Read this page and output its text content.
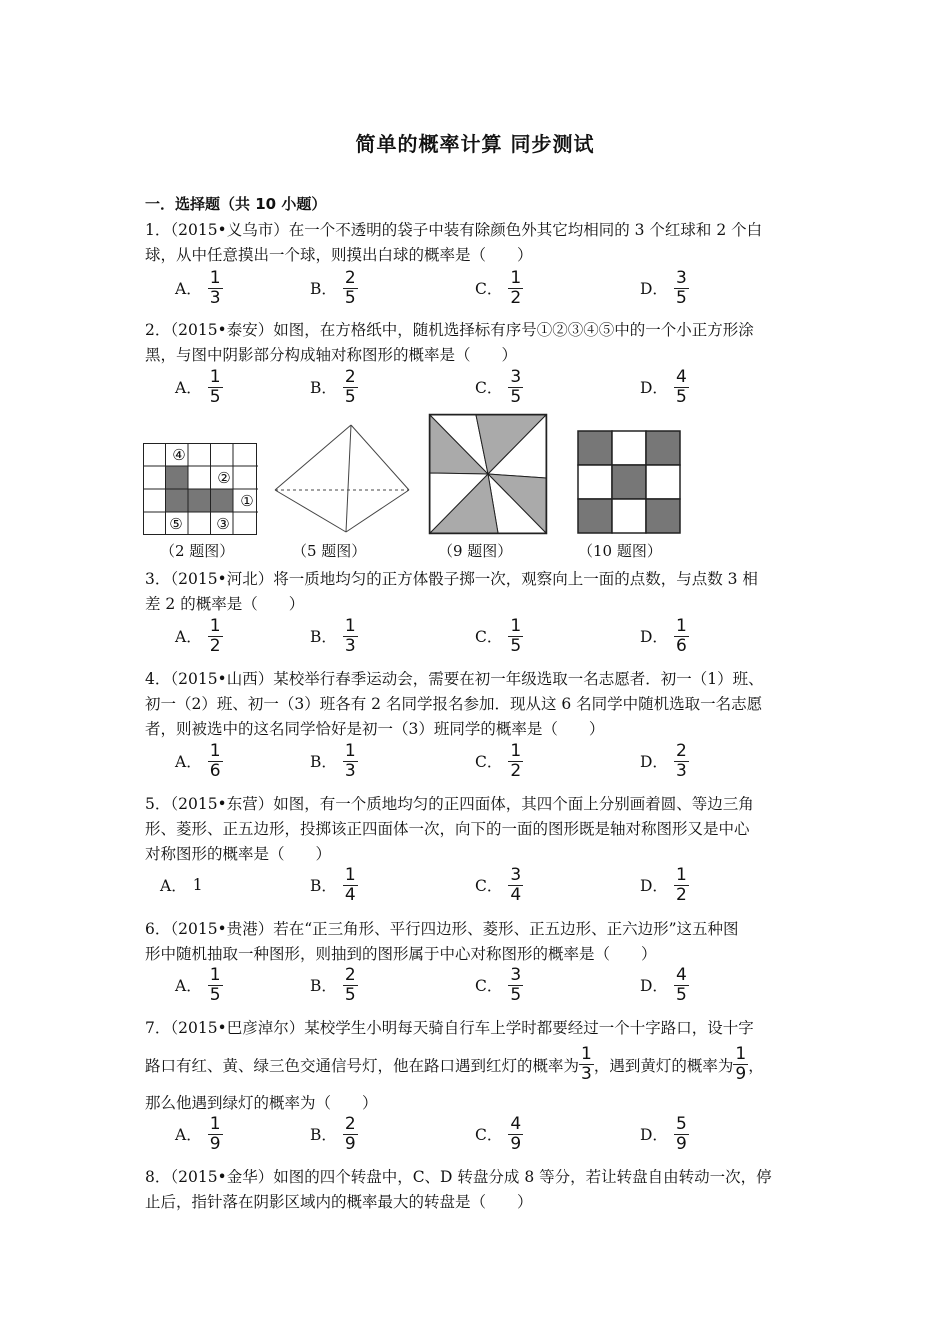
简单的概率计算 同步测试
一．选择题（共 10 小题）
1．（2015•义乌市）在一个不透明的袋子中装有除颜色外其它均相同的 3 个红球和 2 个白
球，从中任意摸出一个球，则摸出白球的概率是（　　）
A． $\frac{1}{3}$	B． $\frac{2}{5}$	C． $\frac{1}{2}$	D． $\frac{3}{5}$
2．（2015•泰安）如图，在方格纸中，随机选择标有序号①②③④⑤中的一个小正方形涂
黑，与图中阴影部分构成轴对称图形的概率是（　　）
A． $\frac{1}{5}$	B． $\frac{2}{5}$	C． $\frac{3}{5}$	D． $\frac{4}{5}$
④
②
①
⑤ ③
（2 题图）	（5 题图）	（9 题图）	（10 题图）
3．（2015•河北）将一质地均匀的正方体骰子掷一次，观察向上一面的点数，与点数 3 相
差 2 的概率是（　　）
A． $\frac{1}{2}$	B． $\frac{1}{3}$	C． $\frac{1}{5}$	D． $\frac{1}{6}$
4．（2015•山西）某校举行春季运动会，需要在初一年级选取一名志愿者．初一（1）班、
初一（2）班、初一（3）班各有 2 名同学报名参加．现从这 6 名同学中随机选取一名志愿
者，则被选中的这名同学恰好是初一（3）班同学的概率是（　　）
A． $\frac{1}{6}$	B． $\frac{1}{3}$	C． $\frac{1}{2}$	D． $\frac{2}{3}$
5．（2015•东营）如图，有一个质地均匀的正四面体，其四个面上分别画着圆、等边三角
形、菱形、正五边形，投掷该正四面体一次，向下的一面的图形既是轴对称图形又是中心
对称图形的概率是（　　）
A． 1	B． $\frac{1}{4}$	C． $\frac{3}{4}$	D． $\frac{1}{2}$
6．（2015•贵港）若在“正三角形、平行四边形、菱形、正五边形、正六边形”这五种图
形中随机抽取一种图形，则抽到的图形属于中心对称图形的概率是（　　）
A． $\frac{1}{5}$	B． $\frac{2}{5}$	C． $\frac{3}{5}$	D． $\frac{4}{5}$
7．（2015•巴彦淖尔）某校学生小明每天骑自行车上学时都要经过一个十字路口，设十字
路口有红、黄、绿三色交通信号灯，他在路口遇到红灯的概率为 $\frac{1}{3}$ ，遇到黄灯的概率为 $\frac{1}{9}$ ，
那么他遇到绿灯的概率为（　　）
A． $\frac{1}{9}$	B． $\frac{2}{9}$	C． $\frac{4}{9}$	D． $\frac{5}{9}$
8．（2015•金华）如图的四个转盘中，C、D 转盘分成 8 等分，若让转盘自由转动一次，停
止后，指针落在阴影区域内的概率最大的转盘是（　　）
